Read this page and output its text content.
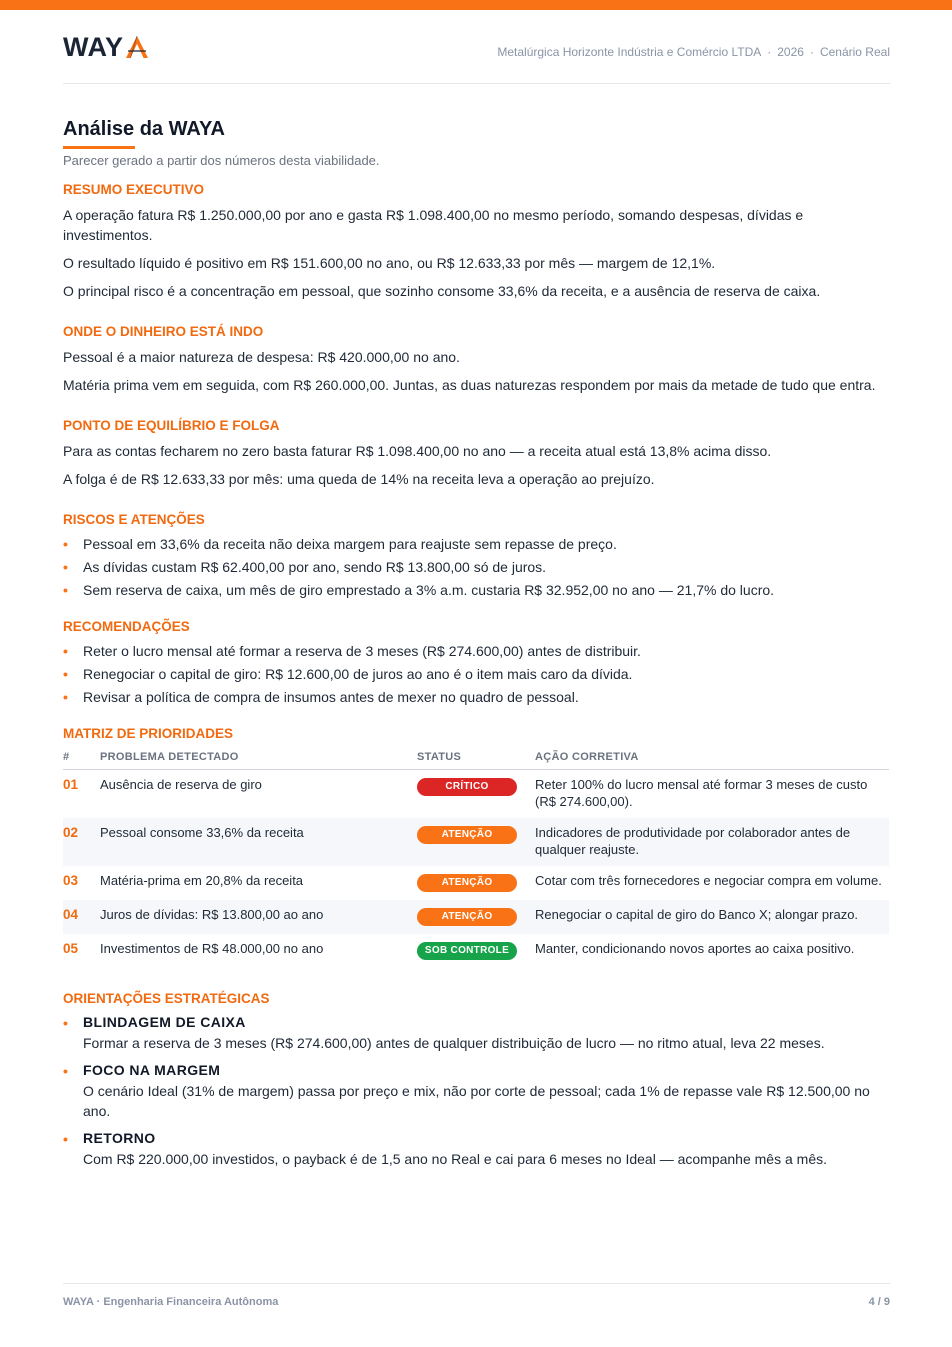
WAY	Metalúrgica Horizonte Indústria e Comércio LTDA · 2026 · Cenário Real
Análise da WAYA
Parecer gerado a partir dos números desta viabilidade.
RESUMO EXECUTIVO

A operação fatura R$ 1.250.000,00 por ano e gasta R$ 1.098.400,00 no mesmo período, somando despesas, dívidas e investimentos.

O resultado líquido é positivo em R$ 151.600,00 no ano, ou R$ 12.633,33 por mês — margem de 12,1%.

O principal risco é a concentração em pessoal, que sozinho consome 33,6% da receita, e a ausência de reserva de caixa.

ONDE O DINHEIRO ESTÁ INDO

Pessoal é a maior natureza de despesa: R$ 420.000,00 no ano.

Matéria prima vem em seguida, com R$ 260.000,00. Juntas, as duas naturezas respondem por mais da metade de tudo que entra.

PONTO DE EQUILÍBRIO E FOLGA

Para as contas fecharem no zero basta faturar R$ 1.098.400,00 no ano — a receita atual está 13,8% acima disso.

A folga é de R$ 12.633,33 por mês: uma queda de 14% na receita leva a operação ao prejuízo.

RISCOS E ATENÇÕES
• Pessoal em 33,6% da receita não deixa margem para reajuste sem repasse de preço.
• As dívidas custam R$ 62.400,00 por ano, sendo R$ 13.800,00 só de juros.
• Sem reserva de caixa, um mês de giro emprestado a 3% a.m. custaria R$ 32.952,00 no ano — 21,7% do lucro.
RECOMENDAÇÕES
• Reter o lucro mensal até formar a reserva de 3 meses (R$ 274.600,00) antes de distribuir.
• Renegociar o capital de giro: R$ 12.600,00 de juros ao ano é o item mais caro da dívida.
• Revisar a política de compra de insumos antes de mexer no quadro de pessoal.
MATRIZ DE PRIORIDADES
#	PROBLEMA DETECTADO	STATUS	AÇÃO CORRETIVA
01	Ausência de reserva de giro	CRÍTICO	Reter 100% do lucro mensal até formar 3 meses de custo (R$ 274.600,00).
02	Pessoal consome 33,6% da receita	ATENÇÃO	Indicadores de produtividade por colaborador antes de qualquer reajuste.
03	Matéria-prima em 20,8% da receita	ATENÇÃO	Cotar com três fornecedores e negociar compra em volume.
04	Juros de dívidas: R$ 13.800,00 ao ano	ATENÇÃO	Renegociar o capital de giro do Banco X; alongar prazo.
05	Investimentos de R$ 48.000,00 no ano	SOB CONTROLE	Manter, condicionando novos aportes ao caixa positivo.
ORIENTAÇÕES ESTRATÉGICAS
• BLINDAGEM DE CAIXA
Formar a reserva de 3 meses (R$ 274.600,00) antes de qualquer distribuição de lucro — no ritmo atual, leva 22 meses.
• FOCO NA MARGEM
O cenário Ideal (31% de margem) passa por preço e mix, não por corte de pessoal; cada 1% de repasse vale R$ 12.500,00 no ano.
• RETORNO
Com R$ 220.000,00 investidos, o payback é de 1,5 ano no Real e cai para 6 meses no Ideal — acompanhe mês a mês.
WAYA · Engenharia Financeira Autônoma	4 / 9
